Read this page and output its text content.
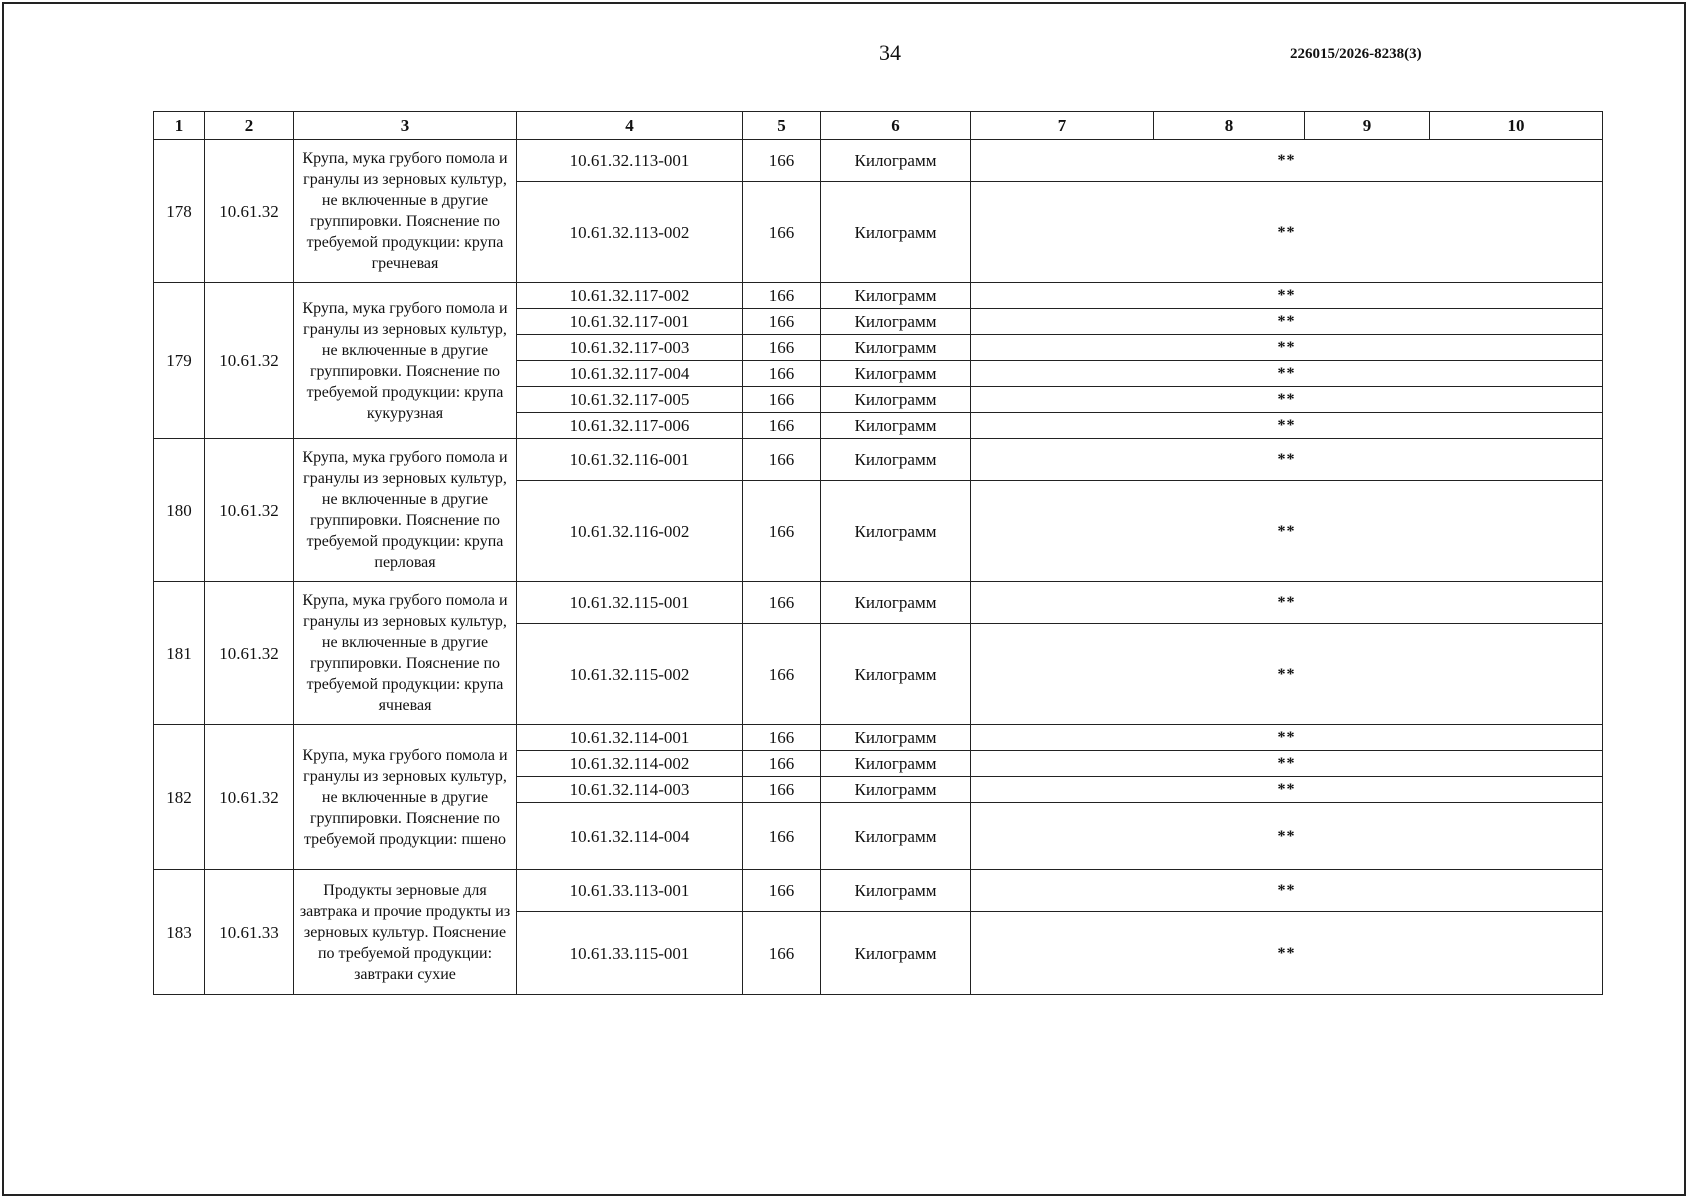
34	226015/2026-8238(3)
1	2	3	4	5	6	7	8	9	10
178	10.61.32	Крупа, мука грубого помола и гранулы из зерновых культур, не включенные в другие группировки. Пояснение по требуемой продукции: крупа гречневая	10.61.32.113-001	166	Килограмм	**			
			10.61.32.113-002	166	Килограмм	**			
179	10.61.32	Крупа, мука грубого помола и гранулы из зерновых культур, не включенные в другие группировки. Пояснение по требуемой продукции: крупа кукурузная	10.61.32.117-002	166	Килограмм	**			
			10.61.32.117-001	166	Килограмм	**			
			10.61.32.117-003	166	Килограмм	**			
			10.61.32.117-004	166	Килограмм	**			
			10.61.32.117-005	166	Килограмм	**			
			10.61.32.117-006	166	Килограмм	**			
180	10.61.32	Крупа, мука грубого помола и гранулы из зерновых культур, не включенные в другие группировки. Пояснение по требуемой продукции: крупа перловая	10.61.32.116-001	166	Килограмм	**			
			10.61.32.116-002	166	Килограмм	**			
181	10.61.32	Крупа, мука грубого помола и гранулы из зерновых культур, не включенные в другие группировки. Пояснение по требуемой продукции: крупа ячневая	10.61.32.115-001	166	Килограмм	**			
			10.61.32.115-002	166	Килограмм	**			
182	10.61.32	Крупа, мука грубого помола и гранулы из зерновых культур, не включенные в другие группировки. Пояснение по требуемой продукции: пшено	10.61.32.114-001	166	Килограмм	**			
			10.61.32.114-002	166	Килограмм	**			
			10.61.32.114-003	166	Килограмм	**			
			10.61.32.114-004	166	Килограмм	**			
183	10.61.33	Продукты зерновые для завтрака и прочие продукты из зерновых культур. Пояснение по требуемой продукции: завтраки сухие	10.61.33.113-001	166	Килограмм	**			
			10.61.33.115-001	166	Килограмм	**			
